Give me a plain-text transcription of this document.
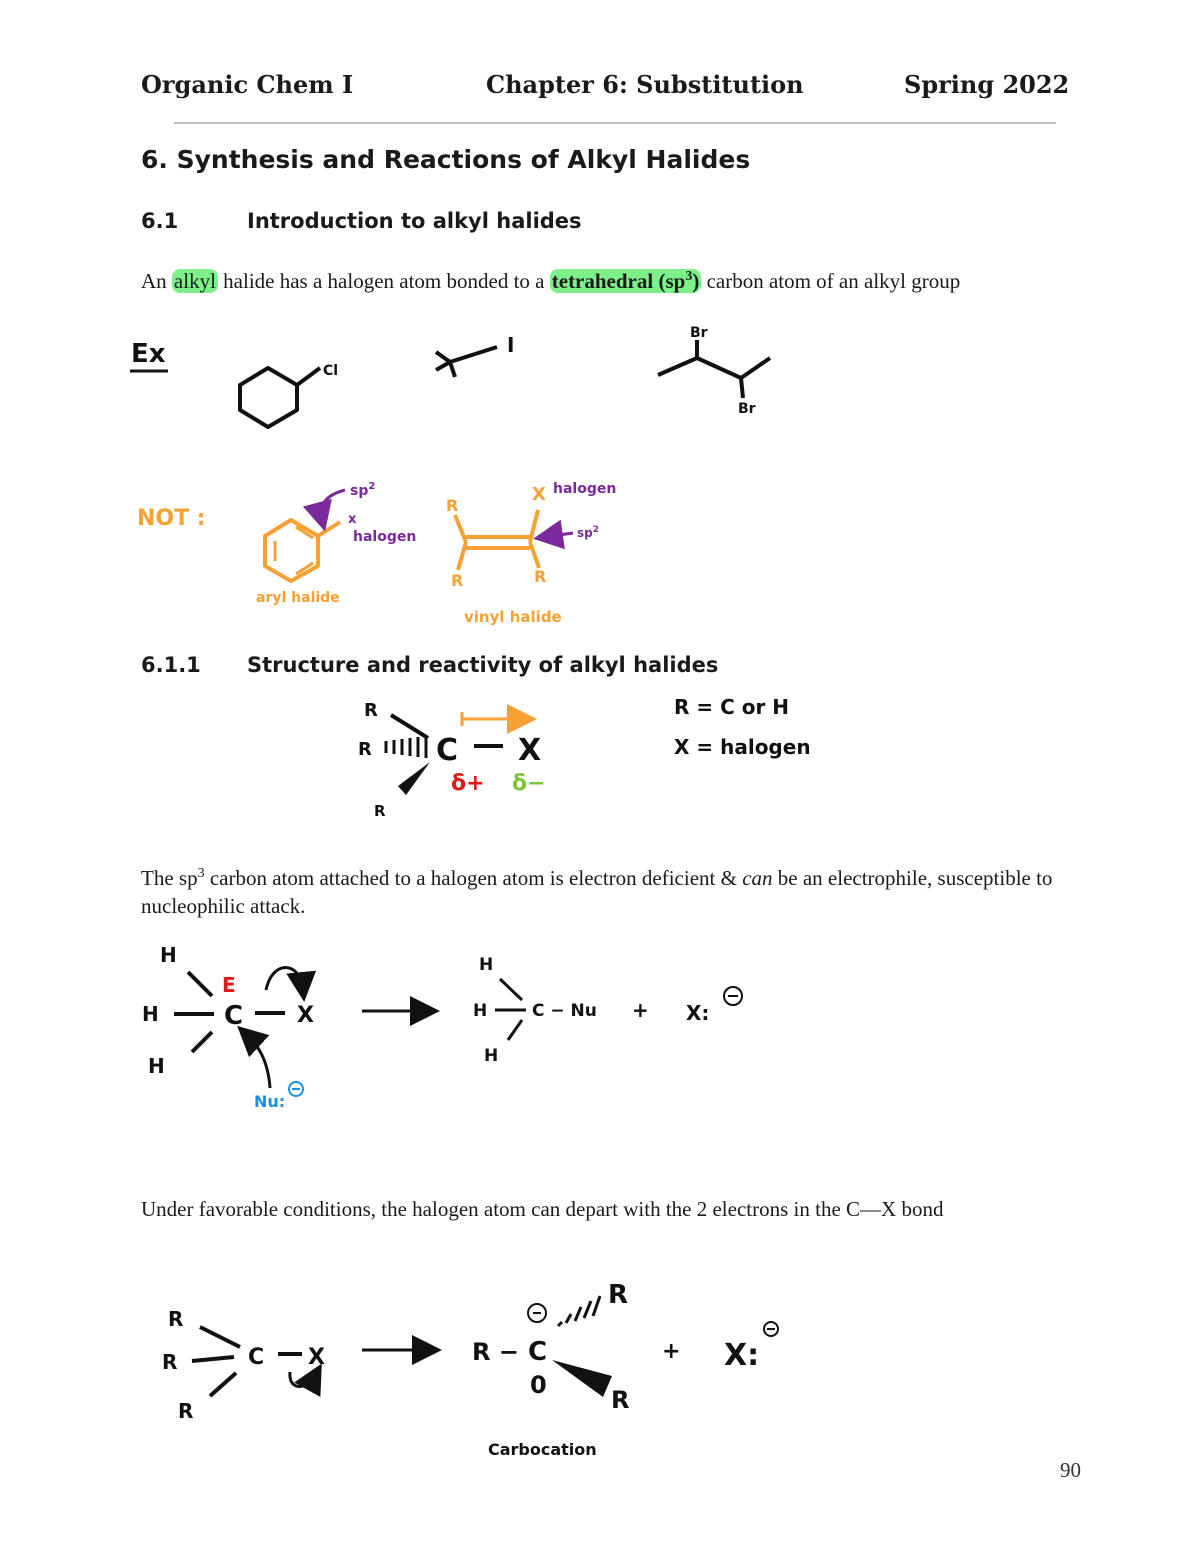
Organic Chem I	Chapter 6: Substitution	Spring 2022
6. Synthesis and Reactions of Alkyl Halides
6.1	Introduction to alkyl halides
An alkyl halide has a halogen atom bonded to a tetrahedral $(sp^3)$ carbon atom of an alkyl group
6.1.1 Structure and reactivity of alkyl halides
The $sp^3$ carbon atom attached to a halogen atom is electron deficient & can be an electrophile, susceptible to nucleophilic attack.
Under favorable conditions, the halogen atom can depart with the 2 electrons in the C—X bond
90
Ex
Cl
I	Br
Br
NOT :
$sp^2$
x
halogen
aryl halide
R
X halogen
$sp^2$
R	R
vinyl halide
R
R C
R
X
δ+ δ−
R = C or H
X = halogen
H
H
H
E
C X
Nu:
H
H
H
C − Nu + X:
R
R
R
C X	R − C
R
0
R
+ X:
Carbocation
